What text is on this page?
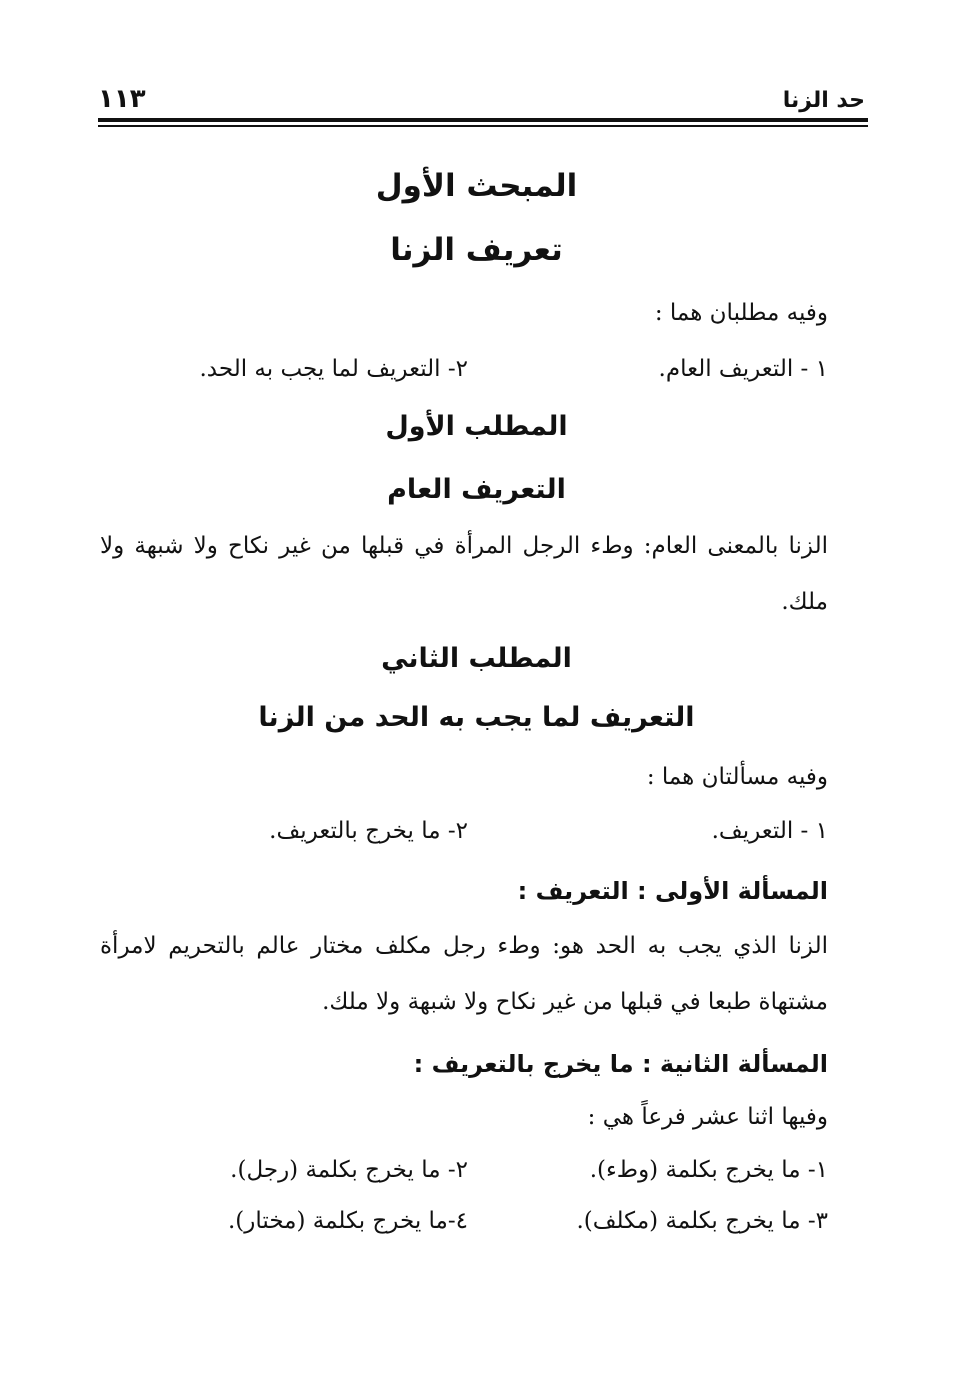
حد الزنا
١١٣
المبحث الأول
تعريف الزنا
وفيه مطلبان هما :
١ - التعريف العام.
٢- التعريف لما يجب به الحد.
المطلب الأول
التعريف العام
الزنا بالمعنى العام: وطء الرجل المرأة في قبلها من غير نكاح ولا شبهة ولا ملك.
المطلب الثاني
التعريف لما يجب به الحد من الزنا
وفيه مسألتان هما :
١ - التعريف.
٢- ما يخرج بالتعريف.
المسألة الأولى : التعريف :
الزنا الذي يجب به الحد هو: وطء رجل مكلف مختار عالم بالتحريم لامرأة مشتهاة طبعا في قبلها من غير نكاح ولا شبهة ولا ملك.
المسألة الثانية : ما يخرج بالتعريف :
وفيها اثنا عشر فرعاً هي :
١- ما يخرج بكلمة (وطء).
٢- ما يخرج بكلمة (رجل).
٣- ما يخرج بكلمة (مكلف).
٤-ما يخرج بكلمة (مختار).
